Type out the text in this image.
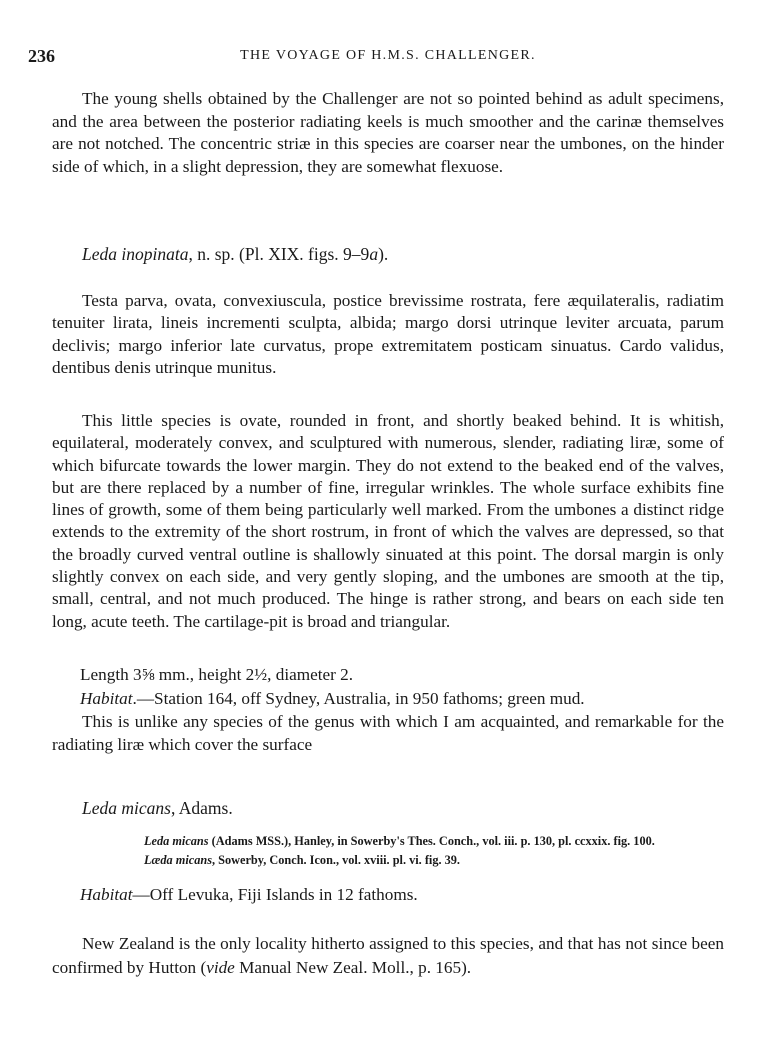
236	THE VOYAGE OF H.M.S. CHALLENGER.

The young shells obtained by the Challenger are not so pointed behind as adult specimens, and the area between the posterior radiating keels is much smoother and the carinæ themselves are not notched. The concentric striæ in this species are coarser near the umbones, on the hinder side of which, in a slight depression, they are somewhat flexuose.

Leda inopinata, n. sp. (Pl. XIX. figs. 9–9a).

Testa parva, ovata, convexiuscula, postice brevissime rostrata, fere æquilateralis, radiatim tenuiter lirata, lineis incrementi sculpta, albida; margo dorsi utrinque leviter arcuata, parum declivis; margo inferior late curvatus, prope extremitatem posticam sinuatus. Cardo validus, dentibus denis utrinque munitus.

This little species is ovate, rounded in front, and shortly beaked behind. It is whitish, equilateral, moderately convex, and sculptured with numerous, slender, radiating liræ, some of which bifurcate towards the lower margin. They do not extend to the beaked end of the valves, but are there replaced by a number of fine, irregular wrinkles. The whole surface exhibits fine lines of growth, some of them being particularly well marked. From the umbones a distinct ridge extends to the extremity of the short rostrum, in front of which the valves are depressed, so that the broadly curved ventral outline is shallowly sinuated at this point. The dorsal margin is only slightly convex on each side, and very gently sloping, and the umbones are smooth at the tip, small, central, and not much produced. The hinge is rather strong, and bears on each side ten long, acute teeth. The cartilage-pit is broad and triangular.

Length 3⅝ mm., height 2½, diameter 2.

Habitat.—Station 164, off Sydney, Australia, in 950 fathoms; green mud.

This is unlike any species of the genus with which I am acquainted, and remarkable for the radiating liræ which cover the surface

Leda micans, Adams.

Leda micans (Adams MSS.), Hanley, in Sowerby's Thes. Conch., vol. iii. p. 130, pl. ccxxix. fig. 100.

Læda micans, Sowerby, Conch. Icon., vol. xviii. pl. vi. fig. 39.

Habitat—Off Levuka, Fiji Islands in 12 fathoms.

New Zealand is the only locality hitherto assigned to this species, and that has not since been confirmed by Hutton (vide Manual New Zeal. Moll., p. 165).
